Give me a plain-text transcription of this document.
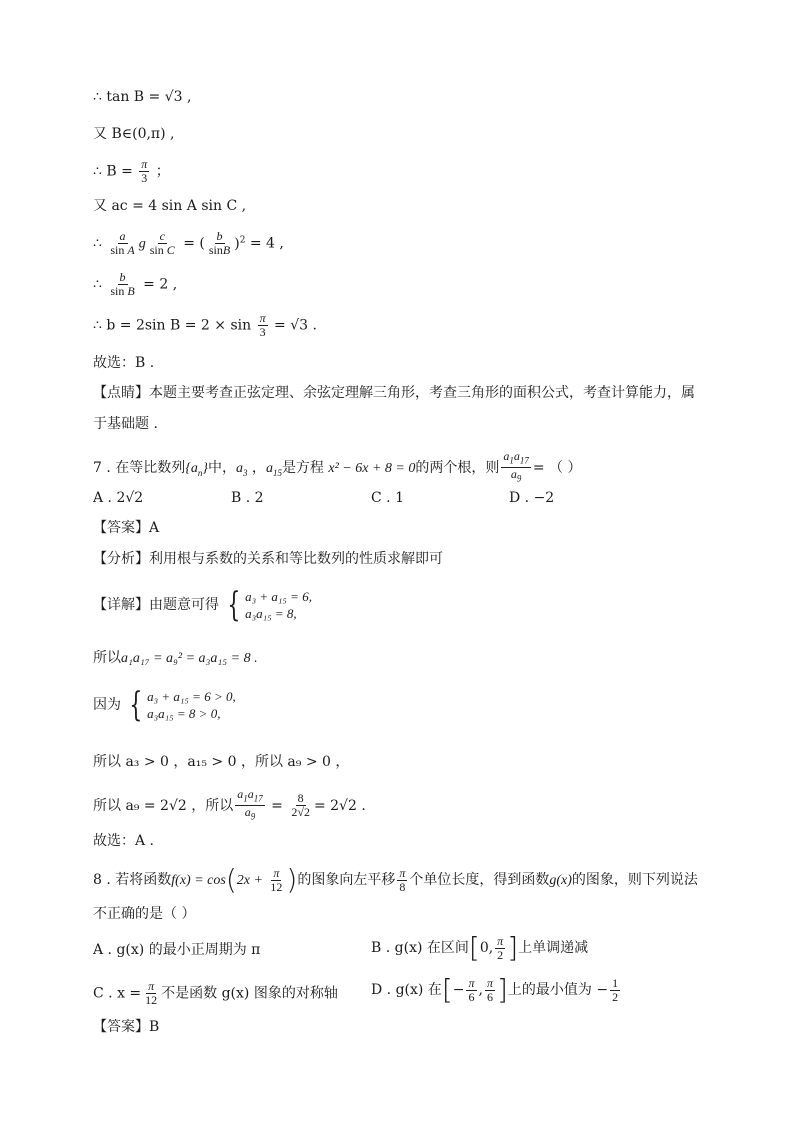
∴ tan B = √3 ,
又 B∈(0,π) ,
∴ $B = \frac{\pi}{3}$ ；
又 ac = 4 sin A sin C ,
∴ $\frac{a}{\text{sin A}}$ g $\frac{c}{\text{sin C}}$ = ( $\frac{b}{\sin B} )^2 = 4$ ,
∴ $\frac{b}{\text{sin B}} = 2$ ,
∴ b = 2sin $B = 2 \times \sin \frac{\pi}{3} = √3$ .
故选：B .
【点睛】本题主要考查正弦定理、余弦定理解三角形，考查三角形的面积公式，考查计算能力，属
于基础题 .
7 . 在等比数列$\{a_n\}$中，$a_3$ ，$a_{15}$是方程 x² − 6x + 8 = 0的两个根，则 $\frac{a_1a_{17}}{a_9}$ = （ ）
A . 2√2	B . 2	C . 1	D . −2
【答案】A
【分析】利用根与系数的关系和等比数列的性质求解即可
【详解】由题意可得 { a₃ + a₁₅ = 6,
a₃a₁₅ = 8,
所以a₁a₁₇ = a₉² = a₃a₁₅ = 8 .
因为 { a₃ + a₁₅ = 6 > 0,
a₃a₁₅ = 8 > 0,
所以 a₃ > 0 ，a₁₅ > 0 ，所以 a₉ > 0 ，
所以 a₉ = 2√2 ，所以 $\frac{a_1a_{17}}{a_9} = \frac{8}{2√2} = 2√2$ .
故选：A .
8 . 若将函数$f(x) = \cos(2x + \frac{\pi}{12}$ )的图象向左平移 $\frac{\pi}{8}$ 个单位长度，得到函数g(x)的图象，则下列说法
不正确的是（ ）
A . g(x) 的最小正周期为 π	B . g(x) 在区间[0, $\frac{\pi}{2}$ ]上单调递减
C . $x = \frac{\pi}{12}$ 不是函数 g(x) 图象的对称轴 D . g(x) 在[− $\frac{\pi}{6}$ , $\frac{\pi}{6}$ ]上的最小值为 − $\frac{1}{2}$
【答案】B
